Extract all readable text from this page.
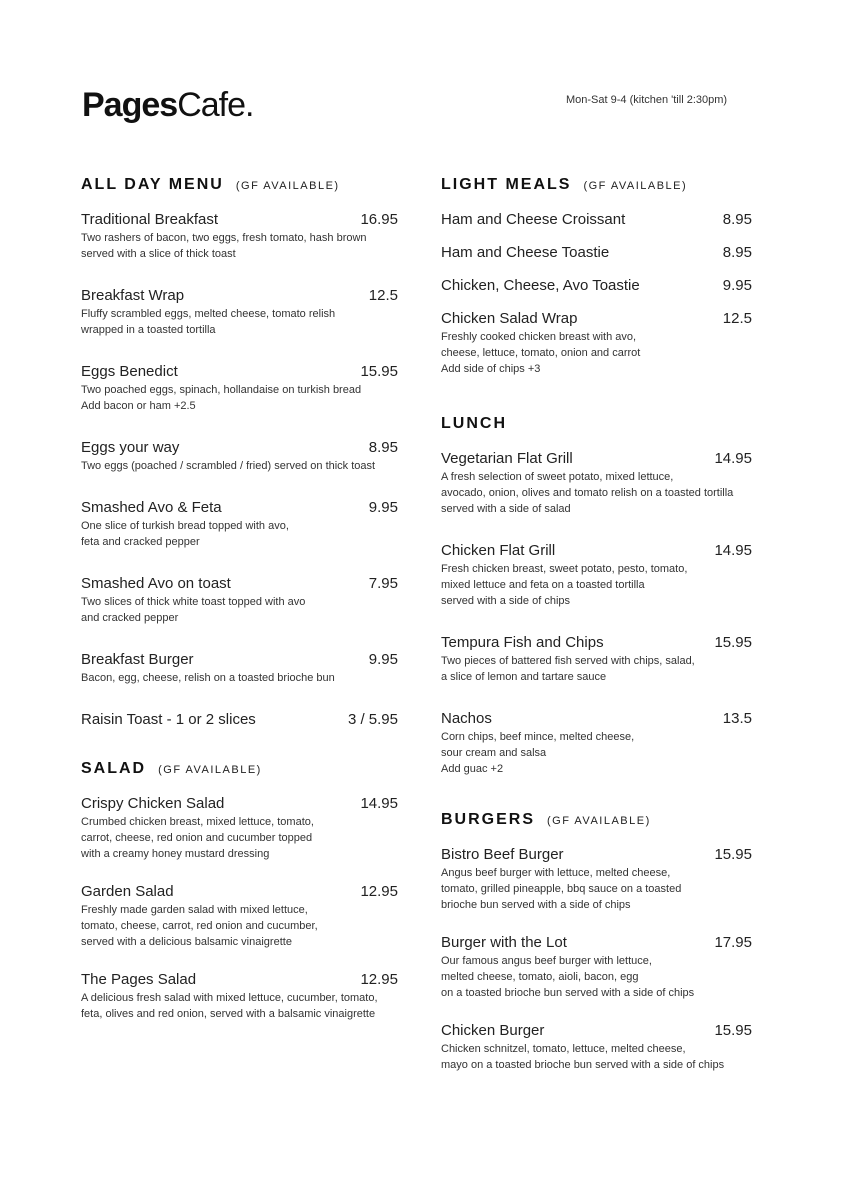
PagesCafe.	Mon-Sat 9-4 (kitchen 'till 2:30pm)
ALL DAY MENU (GF AVAILABLE)
Traditional Breakfast	16.95
Two rashers of bacon, two eggs, fresh tomato, hash brown
served with a slice of thick toast
Breakfast Wrap	12.5
Fluffy scrambled eggs, melted cheese, tomato relish
wrapped in a toasted tortilla
Eggs Benedict	15.95
Two poached eggs, spinach, hollandaise on turkish bread
Add bacon or ham +2.5
Eggs your way	8.95
Two eggs (poached / scrambled / fried) served on thick toast
Smashed Avo & Feta	9.95
One slice of turkish bread topped with avo,
feta and cracked pepper
Smashed Avo on toast	7.95
Two slices of thick white toast topped with avo
and cracked pepper
Breakfast Burger	9.95
Bacon, egg, cheese, relish on a toasted brioche bun
Raisin Toast - 1 or 2 slices	3 / 5.95
SALAD (GF AVAILABLE)
Crispy Chicken Salad	14.95
Crumbed chicken breast, mixed lettuce, tomato,
carrot, cheese, red onion and cucumber topped
with a creamy honey mustard dressing
Garden Salad	12.95
Freshly made garden salad with mixed lettuce,
tomato, cheese, carrot, red onion and cucumber,
served with a delicious balsamic vinaigrette
The Pages Salad	12.95
A delicious fresh salad with mixed lettuce, cucumber, tomato,
feta, olives and red onion, served with a balsamic vinaigrette
LIGHT MEALS (GF AVAILABLE)
Ham and Cheese Croissant	8.95
Ham and Cheese Toastie	8.95
Chicken, Cheese, Avo Toastie	9.95
Chicken Salad Wrap	12.5
Freshly cooked chicken breast with avo,
cheese, lettuce, tomato, onion and carrot
Add side of chips +3
LUNCH
Vegetarian Flat Grill	14.95
A fresh selection of sweet potato, mixed lettuce,
avocado, onion, olives and tomato relish on a toasted tortilla
served with a side of salad
Chicken Flat Grill	14.95
Fresh chicken breast, sweet potato, pesto, tomato,
mixed lettuce and feta on a toasted tortilla
served with a side of chips
Tempura Fish and Chips	15.95
Two pieces of battered fish served with chips, salad,
a slice of lemon and tartare sauce
Nachos	13.5
Corn chips, beef mince, melted cheese,
sour cream and salsa
Add guac +2
BURGERS (GF AVAILABLE)
Bistro Beef Burger	15.95
Angus beef burger with lettuce, melted cheese,
tomato, grilled pineapple, bbq sauce on a toasted
brioche bun served with a side of chips
Burger with the Lot	17.95
Our famous angus beef burger with lettuce,
melted cheese, tomato, aioli, bacon, egg
on a toasted brioche bun served with a side of chips
Chicken Burger	15.95
Chicken schnitzel, tomato, lettuce, melted cheese,
mayo on a toasted brioche bun served with a side of chips
